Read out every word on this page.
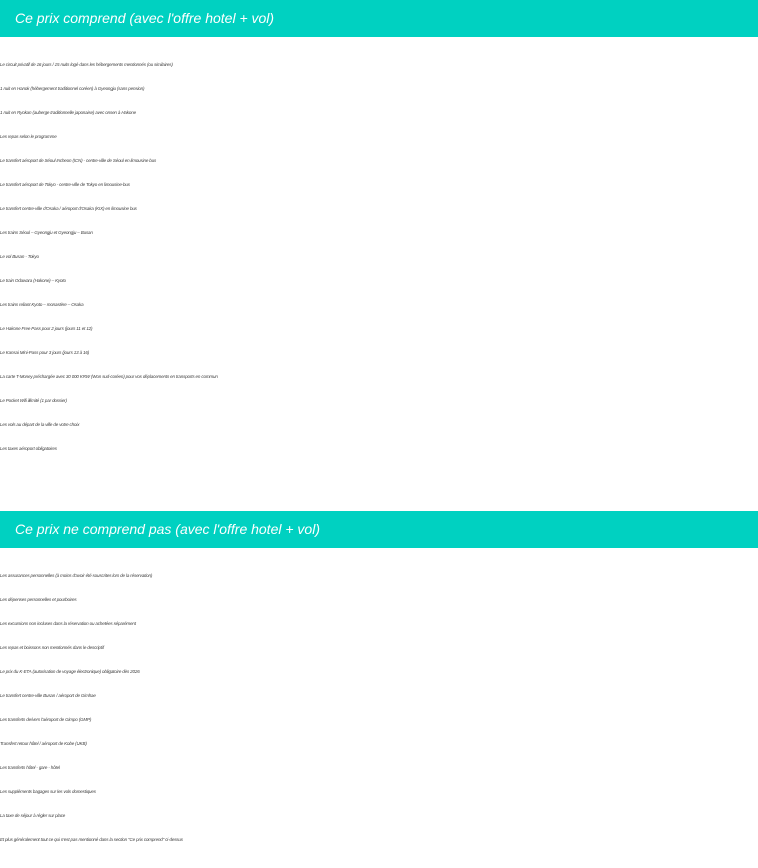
Ce prix comprend (avec l'offre hotel + vol)
Le circuit privatif de 16 jours / 15 nuits logé dans les hébergements mentionnés (ou similaires)
1 nuit en Hanok (hébergement traditionnel coréen) à Gyeongju (sans pension)
1 nuit en Ryokan (auberge traditionnelle japonaise) avec onsen à Hakone
Les repas selon le programme
Le transfert aéroport de Séoul Incheon (ICN) - centre-ville de Séoul en limousine bus
Le transfert aéroport de Tokyo - centre-ville de Tokyo en limousine-bus
Le transfert centre-ville d'Osaka / aéroport d'Osaka (KIX) en limousine bus
Les trains Séoul – Gyeongju et Gyeongju – Busan
Le vol Busan - Tokyo
Le train Odawara (Hakone) – Kyoto
Les trains reliant Kyoto – monastère – Osaka
Le Hakone Free Pass pour 2 jours (jours 11 et 12)
Le Kansai Mini-Pass pour 3 jours (jours 13 à 16)
La carte T-Money préchargée avec 30 000 KRW (Won sud-coréen) pour vos déplacements en transports en commun
Le Pocket Wifi illimité (1 par dossier)
Les vols au départ de la ville de votre choix
Les taxes aéroport obligatoires
Ce prix ne comprend pas (avec l'offre hotel + vol)
Les assurances personnelles (à moins d'avoir été souscrites lors de la réservation)
Les dépenses personnelles et pourboires
Les excursions non incluses dans la réservation ou achetées séparément
Les repas et boissons non mentionnés dans le descriptif
Le prix du K-ETA (autorisation de voyage électronique) obligatoire dès 2026
Le transfert centre-ville Busan / aéroport de Gimhae
Les transferts de/vers l'aéroport de Gimpo (GMP)
Transfert retour hôtel / aéroport de Kobe (UKB)
Les transferts hôtel - gare - hôtel
Les suppléments bagages sur les vols domestiques
La taxe de séjour à régler sur place
Et plus généralement tout ce qui n'est pas mentionné dans la section "Ce prix comprend" ci-dessus
